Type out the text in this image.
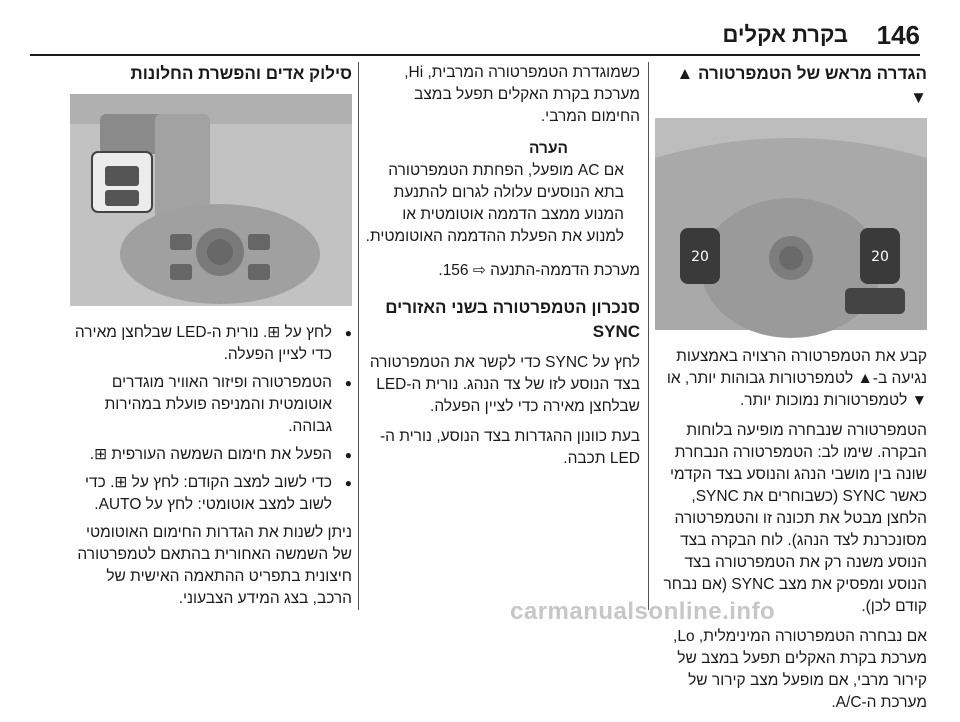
146
בקרת אקלים
הגדרה מראש של הטמפרטורה ▲ ▼
20	20

קבע את הטמפרטורה הרצויה באמצעות נגיעה ב-▲ לטמפרטורות גבוהות יותר, או ▼ לטמפרטורות נמוכות יותר.

הטמפרטורה שנבחרה מופיעה בלוחות הבקרה. שימו לב: הטמפרטורה הנבחרת שונה בין מושבי הנהג והנוסע בצד הקדמי כאשר SYNC (כשבוחרים את SYNC, הלחצן מבטל את תכונה זו והטמפרטורה מסונכרנת לצד הנהג). לוח הבקרה בצד הנוסע משנה רק את הטמפרטורה בצד הנוסע ומפסיק את מצב SYNC (אם נבחר קודם לכן).

אם נבחרה הטמפרטורה המינימלית, Lo, מערכת בקרת האקלים תפעל במצב של קירור מרבי, אם מופעל מצב קירור של מערכת ה-A/C.

כשמוגדרת הטמפרטורה המרבית, Hi, מערכת בקרת האקלים תפעל במצב החימום המרבי.

הערה

אם AC מופעל, הפחתת הטמפרטורה בתא הנוסעים עלולה לגרום להתנעת המנוע ממצב הדממה אוטומטית או למנוע את הפעלת ההדממה האוטומטית.

מערכת הדממה-התנעה ⇨ 156.

סנכרון הטמפרטורה בשני האזורים SYNC

לחץ על SYNC כדי לקשר את הטמפרטורה בצד הנוסע לזו של צד הנהג. נורית ה-LED שבלחצן מאירה כדי לציין הפעלה.

בעת כוונון ההגדרות בצד הנוסע, נורית ה-LED תכבה.

סילוק אדים והפשרת החלונות
● לחץ על ⊞. נורית ה-LED שבלחצן מאירה כדי לציין הפעלה.
● הטמפרטורה ופיזור האוויר מוגדרים אוטומטית והמניפה פועלת במהירות גבוהה.
● הפעל את חימום השמשה העורפית ⊞.
● כדי לשוב למצב הקודם: לחץ על ⊞. כדי לשוב למצב אוטומטי: לחץ על AUTO.

ניתן לשנות את הגדרות החימום האוטומטי של השמשה האחורית בהתאם לטמפרטורה חיצונית בתפריט ההתאמה האישית של הרכב, בצג המידע הצבעוני.	carmanualsonline.info
